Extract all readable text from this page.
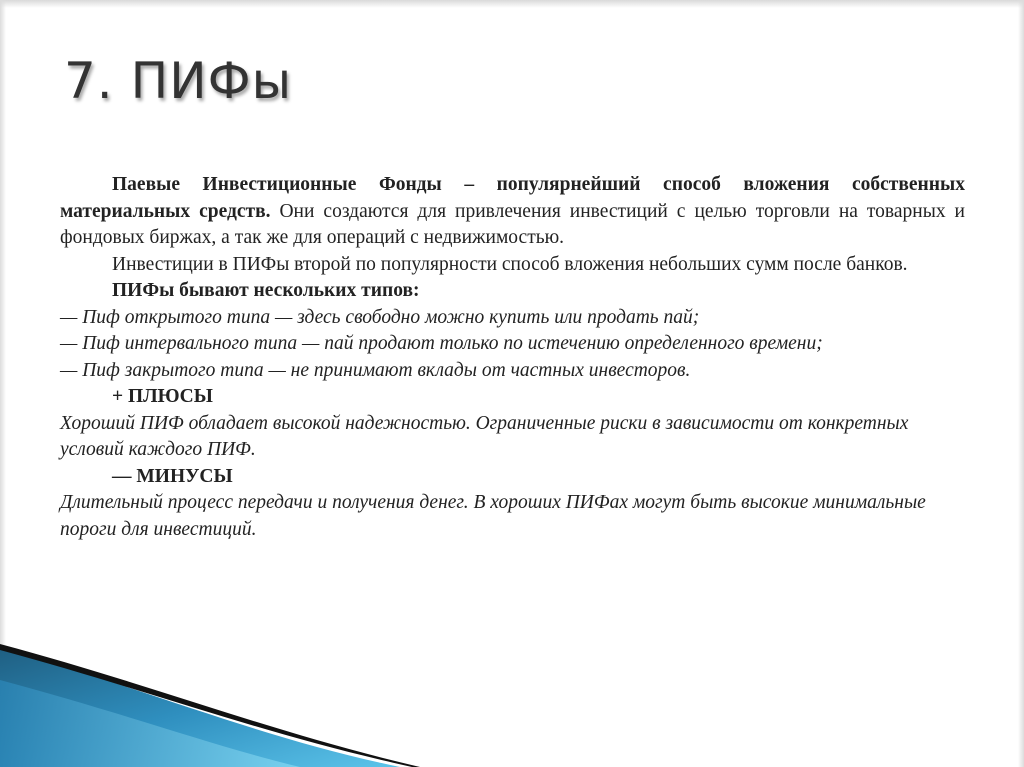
7. ПИФы

Паевые Инвестиционные Фонды – популярнейший способ вложения собственных материальных средств. Они создаются для привлечения инвестиций с целью торговли на товарных и фондовых биржах, а так же для операций с недвижимостью.

Инвестиции в ПИФы второй по популярности способ вложения небольших сумм после банков.

ПИФы бывают нескольких типов:

— Пиф открытого типа — здесь свободно можно купить или продать пай;

— Пиф интервального типа — пай продают только по истечению определенного времени;

— Пиф закрытого типа — не принимают вклады от частных инвесторов.

+ ПЛЮСЫ

Хороший ПИФ обладает высокой надежностью. Ограниченные риски в зависимости от конкретных условий каждого ПИФ.

— МИНУСЫ

Длительный процесс передачи и получения денег. В хороших ПИФах могут быть высокие минимальные пороги для инвестиций.
